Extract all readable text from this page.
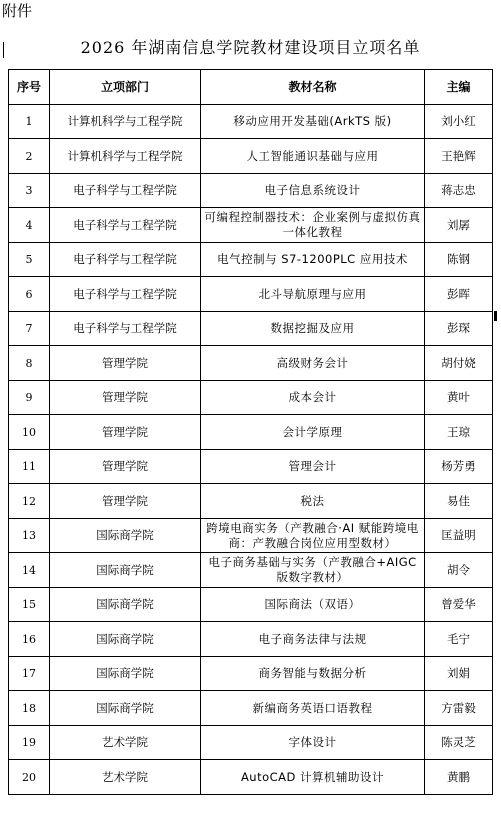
附件
2026 年湖南信息学院教材建设项目立项名单
序号	立项部门	教材名称	主编
1	计算机科学与工程学院	移动应用开发基础(ArkTS 版)	刘小红
2	计算机科学与工程学院	人工智能通识基础与应用	王艳辉
3	电子科学与工程学院	电子信息系统设计	蒋志忠
4	电子科学与工程学院	可编程控制器技术：企业案例与虚拟仿真一体化教程	刘孱
5	电子科学与工程学院	电气控制与 S7-1200PLC 应用技术	陈钢
6	电子科学与工程学院	北斗导航原理与应用	彭晖
7	电子科学与工程学院	数据挖掘及应用	彭琛
8	管理学院	高级财务会计	胡付娆
9	管理学院	成本会计	黄叶
10	管理学院	会计学原理	王琼
11	管理学院	管理会计	杨芳勇
12	管理学院	税法	易佳
13	国际商学院	跨境电商实务（产教融合·AI 赋能跨境电商：产教融合岗位应用型数材）	匡益明
14	国际商学院	电子商务基础与实务（产教融合+AIGC 版数字教材）	胡令
15	国际商学院	国际商法（双语）	曾爱华
16	国际商学院	电子商务法律与法规	毛宁
17	国际商学院	商务智能与数据分析	刘娟
18	国际商学院	新编商务英语口语教程	方雷毅
19	艺术学院	字体设计	陈灵芝
20	艺术学院	AutoCAD 计算机辅助设计	黄鹏
